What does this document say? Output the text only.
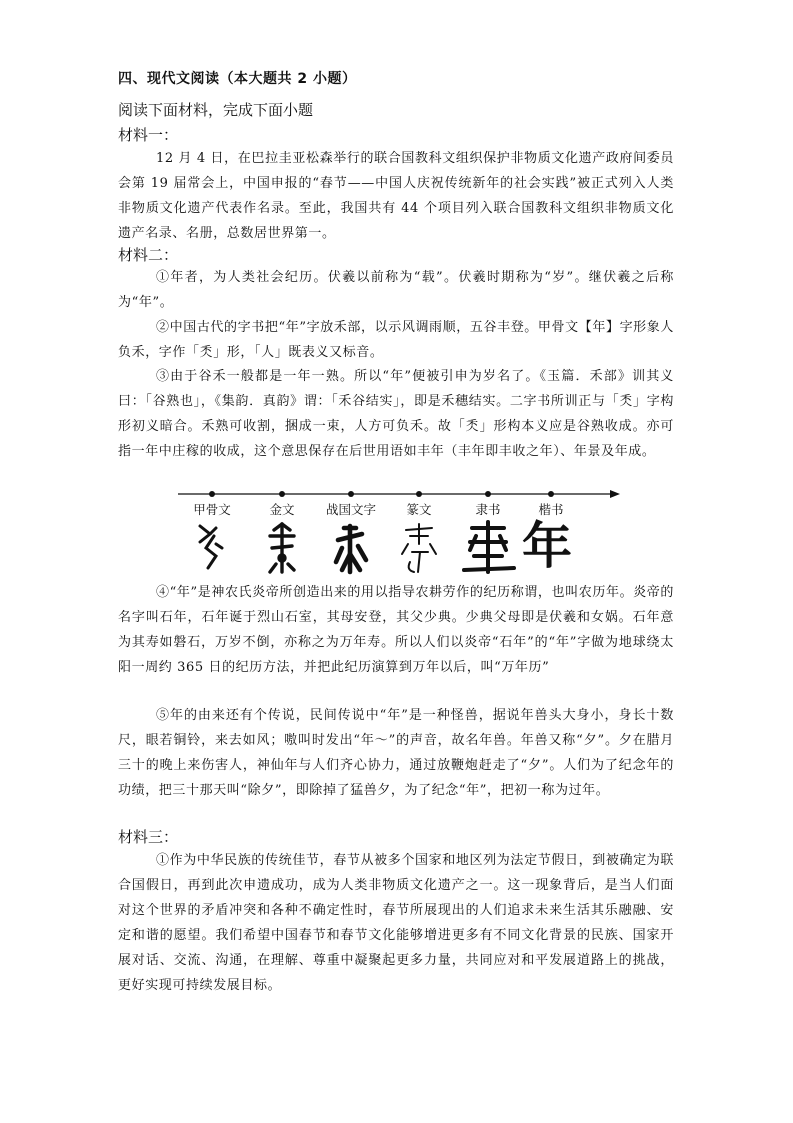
四、现代文阅读（本大题共 2 小题）
阅读下面材料，完成下面小题
材料一：

12 月 4 日，在巴拉圭亚松森举行的联合国教科文组织保护非物质文化遗产政府间委员会第 19 届常会上，中国申报的“春节——中国人庆祝传统新年的社会实践”被正式列入人类非物质文化遗产代表作名录。至此，我国共有 44 个项目列入联合国教科文组织非物质文化遗产名录、名册，总数居世界第一。

材料二：

①年者，为人类社会纪历。伏羲以前称为“载”。伏羲时期称为“岁”。继伏羲之后称为“年”。

②中国古代的字书把“年”字放禾部，以示风调雨顺，五谷丰登。甲骨文【年】字形象人负禾，字作「秂」形，「人」既表义又标音。

③由于谷禾一般都是一年一熟。所以“年”便被引申为岁名了。《玉篇．禾部》训其义曰：「谷熟也」，《集韵．真韵》谓：「禾谷结实」，即是禾穗结实。二字书所训正与「秂」字构形初义暗合。禾熟可收割，捆成一束，人方可负禾。故「秂」形构本义应是谷熟收成。亦可指一年中庄稼的收成，这个意思保存在后世用语如丰年（丰年即丰收之年）、年景及年成。

甲骨文	金文	战国文字	篆文	隶书	楷书
年

④“年”是神农氏炎帝所创造出来的用以指导农耕劳作的纪历称谓，也叫农历年。炎帝的名字叫石年，石年诞于烈山石室，其母安登，其父少典。少典父母即是伏羲和女娲。石年意为其寿如磐石，万岁不倒，亦称之为万年寿。所以人们以炎帝“石年”的“年”字做为地球绕太阳一周约 365 日的纪历方法，并把此纪历演算到万年以后，叫“万年历”

⑤年的由来还有个传说，民间传说中“年”是一种怪兽，据说年兽头大身小，身长十数尺，眼若铜铃，来去如风；嗷叫时发出“年～”的声音，故名年兽。年兽又称“夕”。夕在腊月三十的晚上来伤害人，神仙年与人们齐心协力，通过放鞭炮赶走了“夕”。人们为了纪念年的功绩，把三十那天叫“除夕”，即除掉了猛兽夕，为了纪念“年”，把初一称为过年。

材料三：

①作为中华民族的传统佳节，春节从被多个国家和地区列为法定节假日，到被确定为联合国假日，再到此次申遗成功，成为人类非物质文化遗产之一。这一现象背后，是当人们面对这个世界的矛盾冲突和各种不确定性时，春节所展现出的人们追求未来生活其乐融融、安定和谐的愿望。我们希望中国春节和春节文化能够增进更多有不同文化背景的民族、国家开展对话、交流、沟通，在理解、尊重中凝聚起更多力量，共同应对和平发展道路上的挑战，更好实现可持续发展目标。
